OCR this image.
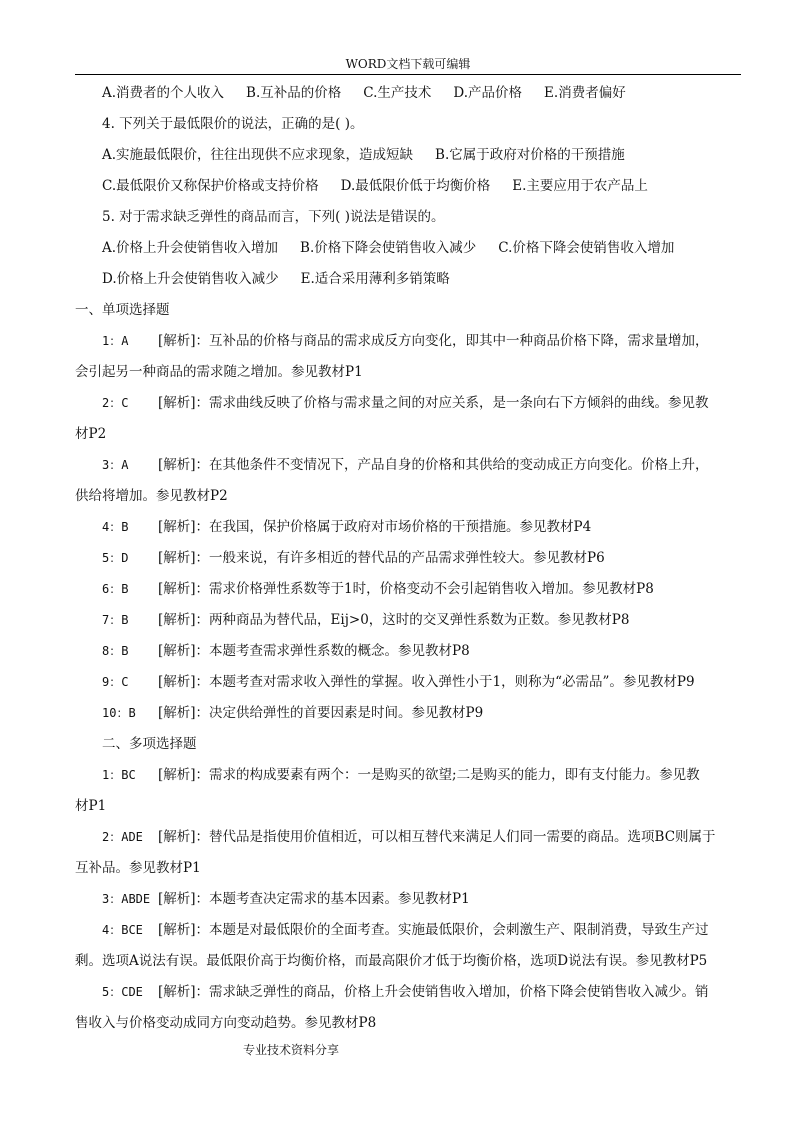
WORD文档下载可编辑
A.消费者的个人收入 B.互补品的价格 C.生产技术 D.产品价格 E.消费者偏好
4. 下列关于最低限价的说法，正确的是( )。
A.实施最低限价，往往出现供不应求现象，造成短缺 B.它属于政府对价格的干预措施
C.最低限价又称保护价格或支持价格 D.最低限价低于均衡价格 E.主要应用于农产品上
5. 对于需求缺乏弹性的商品而言，下列( )说法是错误的。
A.价格上升会使销售收入增加 B.价格下降会使销售收入减少 C.价格下降会使销售收入增加
D.价格上升会使销售收入减少 E.适合采用薄利多销策略
一、单项选择题
1：A [解析]：互补品的价格与商品的需求成反方向变化，即其中一种商品价格下降，需求量增加，
会引起另一种商品的需求随之增加。参见教材P1
2：C [解析]：需求曲线反映了价格与需求量之间的对应关系，是一条向右下方倾斜的曲线。参见教
材P2
3：A [解析]：在其他条件不变情况下，产品自身的价格和其供给的变动成正方向变化。价格上升，
供给将增加。参见教材P2
4：B [解析]：在我国，保护价格属于政府对市场价格的干预措施。参见教材P4
5：D [解析]：一般来说，有许多相近的替代品的产品需求弹性较大。参见教材P6
6：B [解析]：需求价格弹性系数等于1时，价格变动不会引起销售收入增加。参见教材P8
7：B [解析]：两种商品为替代品，Eij>0，这时的交叉弹性系数为正数。参见教材P8
8：B [解析]：本题考查需求弹性系数的概念。参见教材P8
9：C [解析]：本题考查对需求收入弹性的掌握。收入弹性小于1，则称为“必需品”。参见教材P9
10：B [解析]：决定供给弹性的首要因素是时间。参见教材P9
二、多项选择题
1：BC [解析]：需求的构成要素有两个：一是购买的欲望;二是购买的能力，即有支付能力。参见教
材P1
2：ADE [解析]：替代品是指使用价值相近，可以相互替代来满足人们同一需要的商品。选项BC则属于
互补品。参见教材P1
3：ABDE [解析]：本题考查决定需求的基本因素。参见教材P1
4：BCE [解析]：本题是对最低限价的全面考查。实施最低限价，会刺激生产、限制消费，导致生产过
剩。选项A说法有误。最低限价高于均衡价格，而最高限价才低于均衡价格，选项D说法有误。参见教材P5
5：CDE [解析]：需求缺乏弹性的商品，价格上升会使销售收入增加，价格下降会使销售收入减少。销
售收入与价格变动成同方向变动趋势。参见教材P8
专业技术资料分享
